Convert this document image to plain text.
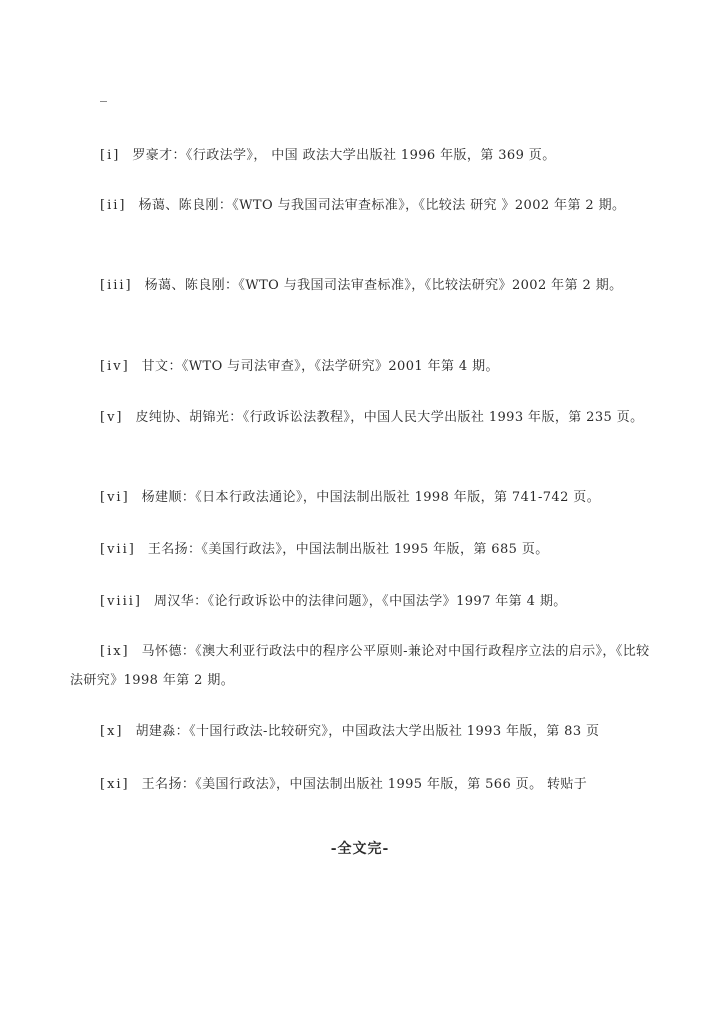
[i] 罗豪才：《行政法学》， 中国 政法大学出版社 1996 年版，第 369 页。

[ii] 杨蔼、陈良刚：《WTO 与我国司法审查标准》，《比较法 研究 》2002 年第 2 期。

[iii] 杨蔼、陈良刚：《WTO 与我国司法审查标准》，《比较法研究》2002 年第 2 期。

[iv] 甘文：《WTO 与司法审查》，《法学研究》2001 年第 4 期。

[v] 皮纯协、胡锦光：《行政诉讼法教程》，中国人民大学出版社 1993 年版，第 235 页。

[vi] 杨建顺：《日本行政法通论》，中国法制出版社 1998 年版，第 741-742 页。

[vii] 王名扬：《美国行政法》，中国法制出版社 1995 年版，第 685 页。

[viii] 周汉华：《论行政诉讼中的法律问题》，《中国法学》1997 年第 4 期。

[ix] 马怀德：《澳大利亚行政法中的程序公平原则-兼论对中国行政程序立法的启示》，《比较法研究》1998 年第 2 期。

[x] 胡建淼：《十国行政法-比较研究》，中国政法大学出版社 1993 年版，第 83 页

[xi] 王名扬：《美国行政法》，中国法制出版社 1995 年版，第 566 页。 转贴于

-全文完-
